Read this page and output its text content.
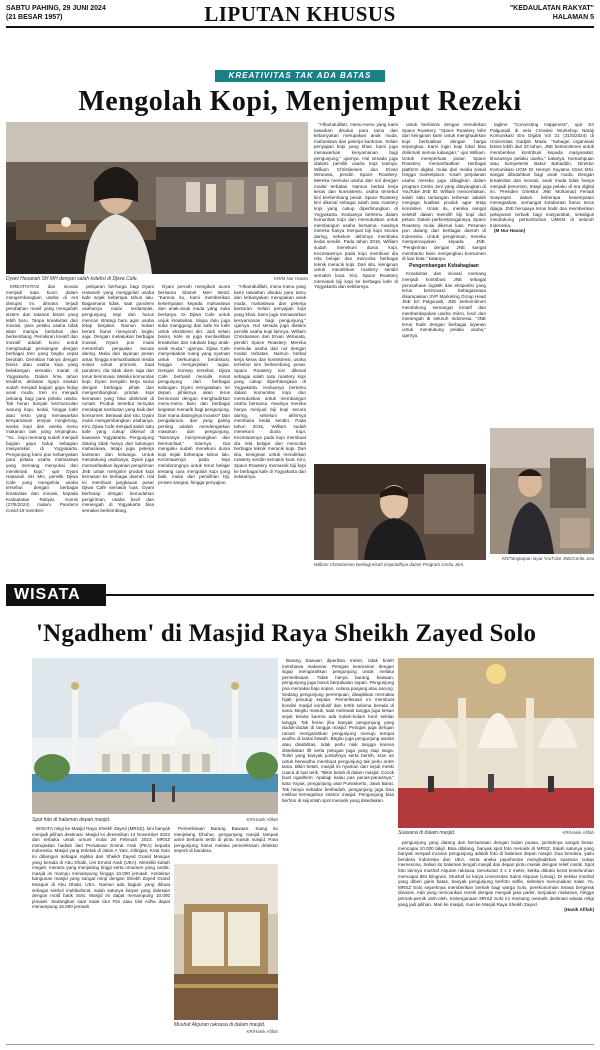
SABTU PAHING, 29 JUNI 2024
(21 BESAR 1957)	LIPUTAN KHUSUS	"KEDAULATAN RAKYAT"
HALAMAN 5
KREATIVITAS TAK ADA BATAS
Mengolah Kopi, Menjemput Rezeki
Dyani Hasanah SH MH dengan salah koleksi di Djiwa Cafe.	KR/M Nur Hasan

KREATIVITAS dan inovasi menjadi kata kunci dalam mengembangkan usaha di era disrupsi ini, dimana terjadi perubahan masif yang mengubah sistem dan tatanan bisnis yang lebih baru. Tanpa kreativitas dan inovasi, para pelaku usaha tidak akan mampu bertahan dan berkembang. Pemikiran kreatif dan inovatif adalah kunci untuk menghadapi persaingan dengan berbagai tren yang begitu cepat berubah. Demikian halnya dengan bisnis atau usaha kopi yang belakangan semakin marak di Yogyakarta. Dalam lima tahun terakhir, aktivitas ngopi seakan sudah menjadi bagian gaya hidup anak muda, tren ini menjadi peluang bagi para pelaku usaha. Tak heran banyak bermunculan warung kopi, kedai, hingga kafe atau resto yang menawarkan kenyamanan tempat nongkrong, aneka kopi dan aneka menu makanan lain yang terjangkau. "Ya... kopi memang sudah menjadi bagian gaya hidup sebagian masyarakat di Yogyakarta. Pengunjung kami pun kebanyakan para pelaku usaha mahasiswa yang memang menyukai dan menikmati kopi," ujar Dyani Hasanah SH MH, pemilik Djiwa Cafe yang mengelola usaha tersebut dengan berbagai kreativitas dan inovasi, kepada Kedaulatan Rakyat, Kamis (27/6/2024) malam. Pandemi Covid-19 memberi

pelajaran berharga bagi Dyani Hasanah yang menggeluti usaha kafe sejak beberapa tahun lalu. Bagaimana tidak, saat pandemi usahanya mulai terdampak, pengunjung sepi dan harus mencari strategi baru agar usaha tetap berjalan. Namun bukan berarti harus menyerah begitu saja. Dengan melakukan berbagai inovasi, Dyani pun mulai merambah penjualan secara daring. Mulai dari layanan pesan antar, hingga memanfaatkan media sosial untuk promosi. Saat pandemi, dia tidak diam saja dan terus berinovasi. Melalui komunitas kopi, Dyani menjalin kerja sama dengan berbagai pihak dan mengembangkan produk kopi kemasan yang bisa dinikmati di rumah. Produk tersebut ternyata mendapat sambutan yang baik dari konsumen. Berawal dari situ, Dyani mulai mengembangkan usahanya. Kini, Djiwa Cafe menjadi salah satu kafe yang cukup dikenal di kawasan Yogyakarta. Pengunjung datang tidak hanya dari kalangan mahasiswa, tetapi juga pekerja kantoran dan keluarga. Untuk mendukung usahanya, Dyani juga memanfaatkan layanan pengiriman JNE untuk mengirim produk kopi kemasan ke berbagai daerah. Hal ini membuat jangkauan pasar Djiwa Cafe semakin luas. Dyani berharap dengan kemudahan pengiriman, usaha kecil dan menengah di Yogyakarta bisa semakin berkembang.

Dyani pernah mengikuti acara bersama Slamet Meri Bend. "Karena itu, kami memberikan kesempatan kepada mahasiswa dan anak-anak muda yang suka berkarya. Di Djiwa Cafe untuk unjuk kreativitas. Siapa dulu juga suka manggung dari kafe ke kafe untuk eksistensi diri. Jadi selain bisnis, kafe ini juga menfasilitasi kreativitas dan edukasi bagi anak-anak muda," ujarnya. Djiwa Cafe menyediakan ruang yang nyaman untuk berkumpul, berdiskusi, hingga mengerjakan tugas. Dengan konsep tersebut, Djiwa Cafe berhasil menarik minat pengunjung dari berbagai kalangan. Dyani mengatakan, ke depan pihaknya akan terus berinovasi dengan menghadirkan menu-menu baru dan berbagai kegiatan menarik bagi pengunjung. Dari mana datangnya inovasi? Dari pengalaman, dan yang paling penting adalah mendengarkan masukan dari pengunjung. "Namanya menyenangkan dan bermanfaat," tuturnya. Dia mengaku sudah menekuni dunia kopi sejak beberapa tahun lalu. Kecintaannya pada kopi mendorongnya untuk terus belajar tentang cara mengolah kopi yang baik, mulai dari pemilihan biji, proses sangrai, hingga penyajian.

"Alhamdulillah, menu-menu yang kami tawarkan disukai para tamu dan kebanyakan merupakan anak muda, mahasiswa dan pekerja kantoran. Selain penyajian kopi yang khas, kami juga menawarkan kenyamanan bagi pengunjung," ujarnya. Hal senada juga dialami pemilik usaha kopi lainnya, William Christiansen dan Ervan Wiranata, pendiri Space Roastery. Mereka memulai usaha dari nol dengan modal terbatas. Namun berkat kerja keras dan konsistensi, usaha tersebut kini berkembang pesat. Space Roastery kini dikenal sebagai salah satu roastery kopi yang cukup diperhitungkan di Yogyakarta. Keduanya bertemu dalam komunitas kopi dan memutuskan untuk membangun usaha bersama. Awalnya mereka hanya menjual biji kopi secara daring, sebelum akhirnya membuka kedai sendiri. Pada tahun 2015, William sudah menekuni dunia kopi. Kecintaannya pada kopi membuat dia rela belajar dan mencoba berbagai teknik meracik kopi. Dari situ, keinginan untuk mendirikan roastery sendiri semakin kuat. Kini, Space Roastery memasok biji kopi ke berbagai kafe di Yogyakarta dan sekitarnya.

"Alhamdulillah, menu-menu yang kami tawarkan disukai para tamu dan kebanyakan merupakan anak muda, mahasiswa dan pekerja kantoran. Selain penyajian kopi yang khas, kami juga menawarkan kenyamanan bagi pengunjung," ujarnya. Hal senada juga dialami pemilik usaha kopi lainnya, William Christiansen dan Ervan Wiranata, pendiri Space Roastery. Mereka memulai usaha dari nol dengan modal terbatas. Namun berkat kerja keras dan konsistensi, usaha tersebut kini berkembang pesat. Space Roastery kini dikenal sebagai salah satu roastery kopi yang cukup diperhitungkan di Yogyakarta. Keduanya bertemu dalam komunitas kopi dan memutuskan untuk membangun usaha bersama. Awalnya mereka hanya menjual biji kopi secara daring, sebelum akhirnya membuka kedai sendiri. Pada tahun 2015, William sudah menekuni dunia kopi. Kecintaannya pada kopi membuat dia rela belajar dan mencoba berbagai teknik meracik kopi. Dari situ, keinginan untuk mendirikan roastery sendiri semakin kuat. Kini, Space Roastery memasok biji kopi ke berbagai kafe di Yogyakarta dan sekitarnya.

untuk berbisnis dengan mendirikan Space Roastery. "Space Roastery lahir dari keinginan kami untuk menghadirkan kopi berkualitas dengan harga terjangkau. Kami ingin kopi lokal bisa dinikmati semua kalangan," ujar William. Untuk memperluas pasar, Space Roastery memanfaatkan berbagai platform digital, mulai dari media sosial hingga marketplace. Kisah perjalanan usaha mereka juga dibagikan dalam program Cerita Joni yang ditayangkan di YouTube JNE ID. William menceritakan, salah satu tantangan terbesar adalah menjaga kualitas produk agar tetap konsisten. Untuk itu, mereka sangat selektif dalam memilih biji kopi dari petani. Dalam perkembangannya, Space Roastery mulai dikenal luas. Pesanan pun datang dari berbagai daerah di Indonesia. Untuk pengiriman, mereka mempercayakan kepada JNE. "Pengiriman dengan JNE sangat membantu kami menjangkau konsumen di luar kota," katanya.

Pengembangan Kebahagiaan

Kreativitas dan inovasi memang menjadi kontribusi JNE sebagai perusahaan logistik dan ekspedisi yang terus berinovasi. Sebagaimana disampaikan SVP Marketing Group Head JNE Eri Palgunadi, JNE berkomitmen mendukung semangat kreatif dan memberdayakan usaha mikro, kecil dan menengah di seluruh Indonesia. "JNE terus hadir dengan berbagai layanan untuk mendukung pelaku usaha," ujarnya.

tagline "Connecting Happiness", ujar Eri Palgunadi di sela Creative Workshop Naraji Komunikasi Era Digital Vol 21 (31/5/2024) di Universitas Gadjah Mada. "Sebagai organisasi bisnis lebih dari 33 tahun, JNE berkomitmen untuk memberikan kontribusi kepada masyarakat, khususnya pelaku usaha," katanya. Kemampuan atau kompetensi Bakul Bahaddin, Direktur Komunikasi UGM Dr Hempri Suyatna SSos MSi, sangat dibutuhkan bagi anak muda. Dengan kreativitas dan inovasi, anak muda tidak hanya menjadi penonton, tetapi juga pelaku di era digital ini. Presiden Direktur JNE Mohamad Feriadi Soeprapto dalam beberapa kesempatan menegaskan, semangat kolaborasi harus terus dijaga. JNE berupaya terus hadir dan memberikan pelayanan terbaik bagi masyarakat, sekaligus mendukung pertumbuhan UMKM di seluruh Indonesia.

(M Nur Hasan)

William Christiansen berbagi kisah inspiratifnya dalam Program Cerita Joni.
KR/Tangkapan layar YouTube JNE/Cerita Joni
WISATA
'Ngadhem' di Masjid Raya Sheikh Zayed Solo
Spot foto di halaman depan masjid.	KR/Hanik Afifah

WISATA religi ke Masjid Raya Sheikh Zayed (MRSZ), kini banyak menjadi pilihan destinasi. Masjid ini diresmikan 14 November 2022 dan terbuka untuk umum mulai 28 Februari 2023. MRSZ merupakan hadiah dari Persatuan Emirat Arab (PEA) kepada Indonesia. Masjid yang terletak di Jalan A Yani, Gilingan, Kota Solo ini dibangun sebagai replika dari Sheikh Zayed Grand Mosque yang berada di Abu Dhabi, Uni Emirat Arab (UEA). Memiliki kubah megah, menara yang menjulang tinggi serta ornamen yang cantik, masjid ini mampu menampung hingga 10.000 jemaah. Arsitektur bangunan masjid yang sangat mirip dengan Sheikh Zayed Grand Mosque di Abu Dhabi, UEA. Namun ada bagian yang dibuat sebagai simbol multikultural, salah satunya karpet yang didesain dengan motif batik Solo. Masjid ini dapat menampung 10.000 jemaah. Sedangkan saat Salat Idul Fitri atau Idul Adha dapat menampung 15.000 jemaah.

Pemeriksaan Barang Bawaan. Siang itu menjelang Dhuhur, pengunjung masjid tampak antre berbaris tertib di pintu masuk masjid. Para pengunjung harus melalui pemeriksaan detektor seperti di bandara.

Mushaf Alquran raksasa di dalam masjid.
KR/Hanik Afifah

Barang bawaan diperiksa mesin, tidak boleh membawa makanan. Petugas keamanan dengan sigap mengarahkan pengunjung untuk melalui pemeriksaan. Tidak hanya barang bawaan, pengunjung juga harus berpakaian sopan. Pengunjung pria memakai baju sopan, celana panjang atau sarung. Sedang pengunjung perempuan, diwajibkan memakai hijab penutup kepala. Pemeriksaan ini membuat kondisi masjid kondusif dan tertib selama berada di sana. Begitu masuk, saat melewati tangga juga kesan sejuk terasa karena ada kolam-kolam kecil sekitar tangga. Tak heran jika banyak pengunjung yang duduk-duduk di tangga masjid. Petugas juga dengan ramah mengarahkan pengunjung menuju tempat wudhu di lantai bawah. Begitu juga pengunjung wanita atau disabilitas, tidak perlu naik tangga karena disediakan lift serta petugas jaga yang siap siaga. Toilet yang banyak jumlahnya serta bersih, kran air untuk berwudhu membuat pengunjung tak perlu antre lama. Bikin betah, masjid ini nyaman dan sejuk meski cuaca di luar terik. "Bikin betah di dalam masjid. Cocok buat ngadhem. Apalagi kalau pas panas-panasnya," kata Yayuk, pengunjung asal Purwokerto, Jawa Barat. Tak hanya sekadar beribadah, pengunjung juga bisa melihat kemegahan interior masjid. Pengunjung bisa berfoto di sejumlah spot menarik yang disediakan.

Suasana di dalam masjid.	KR/Hanik Afifah

pengunjung yang datang dan bersamaan dengan bulan puasa, jumlahnya sangat besar, mencapai 10.000 takjil. Bisa dibilang, banyak spot foto menarik di MRSZ. Salah satunya yang banyak menjadi incaran pengunjung adalah foto di halaman depan masjid. Dua bendera, yaitu bendera Indonesia dan UEA, serta aneka pepohonan menghadirkan suasana cukup memesona. Selain itu halaman tengah masjid dan depan pintu masuk dengan relief cantik. Spot foto lainnya mushaf Alquran raksasa, berukuran 3 x 2 meter, ketika dibuka berat keseluruhan mencapai 991 kilogram. Mushaf ini karya Universitas Sains Alquran (Unsiq). Di sekitar mushaf yang diberi garis batas, banyak pengunjung berfoto selfie, sebelum menunaikan salat. Ya, MRSZ Solo sepertinya memberikan berkah bagi warga Solo, perekonomian terasa bergerak dinamis. Ada yang mencarikan rezeki dengan menjadi jasa parkir, berjualan makanan, hingga pernak-pernik oleh-oleh. Kebergunaan MRSZ Solo ini memang menarik destinasi wisata religi yang jadi pilihan. Mari ke masjid, mari ke Masjid Raya Sheikh Zayed.

(Hanik Afifah)
